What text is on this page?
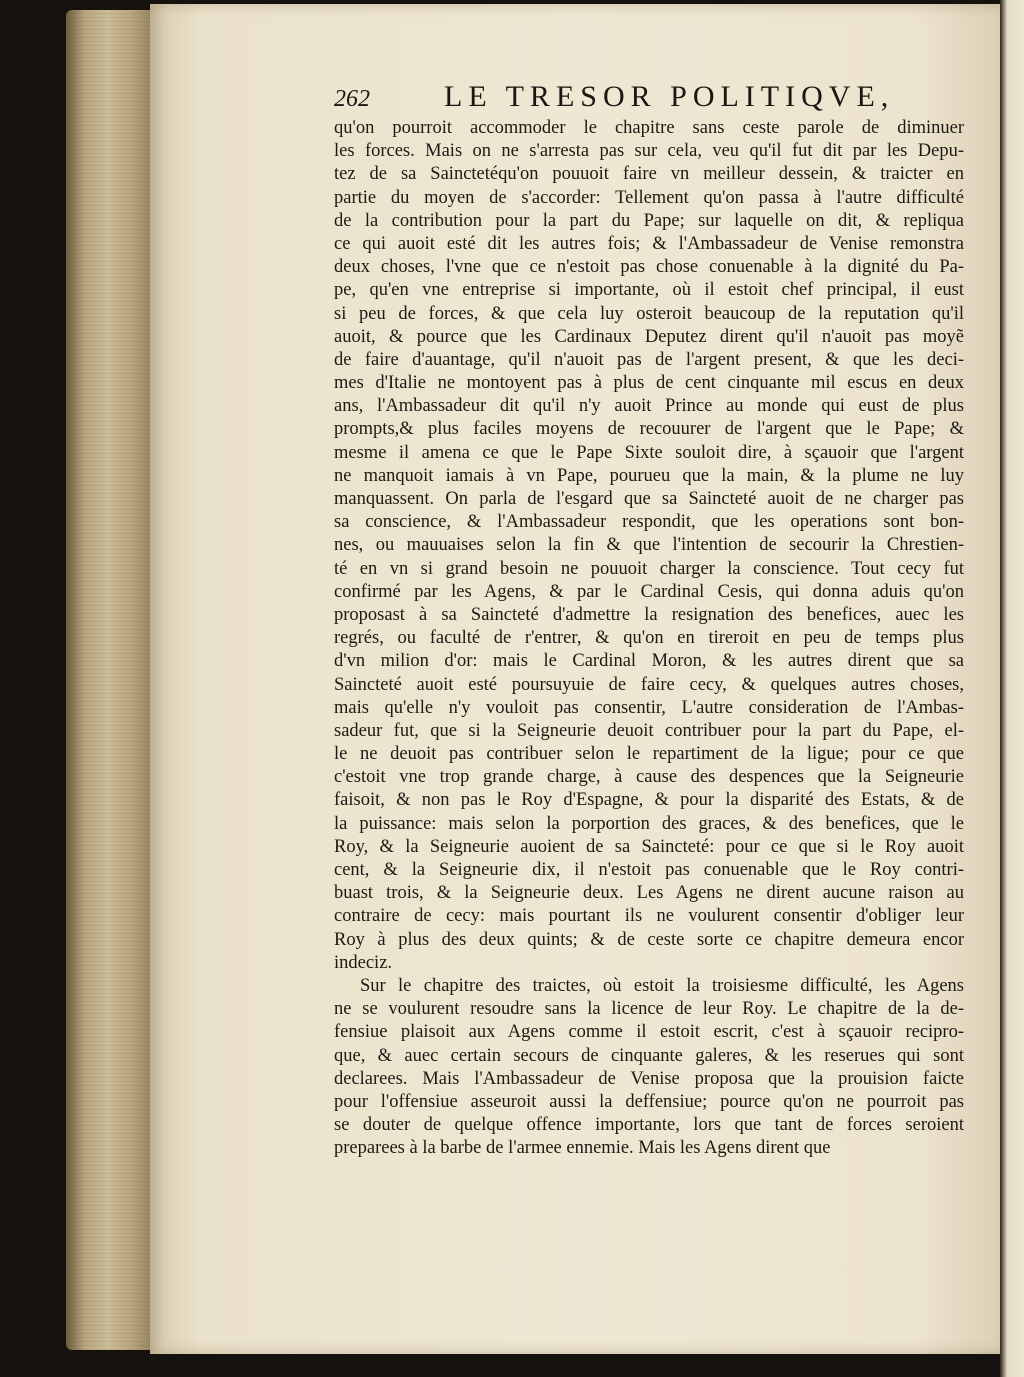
262 LE TRESOR POLITIQVE,
qu'on pourroit accommoder le chapitre sans ceste parole de diminuer
les forces. Mais on ne s'arresta pas sur cela, veu qu'il fut dit par les Depu-
tez de sa Sainctetéqu'on pouuoit faire vn meilleur dessein, & traicter en
partie du moyen de s'accorder: Tellement qu'on passa à l'autre difficulté
de la contribution pour la part du Pape; sur laquelle on dit, & repliqua
ce qui auoit esté dit les autres fois; & l'Ambassadeur de Venise remonstra
deux choses, l'vne que ce n'estoit pas chose conuenable à la dignité du Pa-
pe, qu'en vne entreprise si importante, où il estoit chef principal, il eust
si peu de forces, & que cela luy osteroit beaucoup de la reputation qu'il
auoit, & pource que les Cardinaux Deputez dirent qu'il n'auoit pas moyẽ
de faire d'auantage, qu'il n'auoit pas de l'argent present, & que les deci-
mes d'Italie ne montoyent pas à plus de cent cinquante mil escus en deux
ans, l'Ambassadeur dit qu'il n'y auoit Prince au monde qui eust de plus
prompts,& plus faciles moyens de recouurer de l'argent que le Pape; &
mesme il amena ce que le Pape Sixte souloit dire, à sçauoir que l'argent
ne manquoit iamais à vn Pape, pourueu que la main, & la plume ne luy
manquassent. On parla de l'esgard que sa Saincteté auoit de ne charger pas
sa conscience, & l'Ambassadeur respondit, que les operations sont bon-
nes, ou mauuaises selon la fin & que l'intention de secourir la Chrestien-
té en vn si grand besoin ne pouuoit charger la conscience. Tout cecy fut
confirmé par les Agens, & par le Cardinal Cesis, qui donna aduis qu'on
proposast à sa Saincteté d'admettre la resignation des benefices, auec les
regrés, ou faculté de r'entrer, & qu'on en tireroit en peu de temps plus
d'vn milion d'or: mais le Cardinal Moron, & les autres dirent que sa
Saincteté auoit esté poursuyuie de faire cecy, & quelques autres choses,
mais qu'elle n'y vouloit pas consentir, L'autre consideration de l'Ambas-
sadeur fut, que si la Seigneurie deuoit contribuer pour la part du Pape, el-
le ne deuoit pas contribuer selon le repartiment de la ligue; pour ce que
c'estoit vne trop grande charge, à cause des despences que la Seigneurie
faisoit, & non pas le Roy d'Espagne, & pour la disparité des Estats, & de
la puissance: mais selon la porportion des graces, & des benefices, que le
Roy, & la Seigneurie auoient de sa Saincteté: pour ce que si le Roy auoit
cent, & la Seigneurie dix, il n'estoit pas conuenable que le Roy contri-
buast trois, & la Seigneurie deux. Les Agens ne dirent aucune raison au
contraire de cecy: mais pourtant ils ne voulurent consentir d'obliger leur
Roy à plus des deux quints; & de ceste sorte ce chapitre demeura encor
indeciz.
Sur le chapitre des traictes, où estoit la troisiesme difficulté, les Agens
ne se voulurent resoudre sans la licence de leur Roy. Le chapitre de la de-
fensiue plaisoit aux Agens comme il estoit escrit, c'est à sçauoir recipro-
que, & auec certain secours de cinquante galeres, & les reserues qui sont
declarees. Mais l'Ambassadeur de Venise proposa que la prouision faicte
pour l'offensiue asseuroit aussi la deffensiue; pource qu'on ne pourroit pas
se douter de quelque offence importante, lors que tant de forces seroient
preparees à la barbe de l'armee ennemie. Mais les Agens dirent que
